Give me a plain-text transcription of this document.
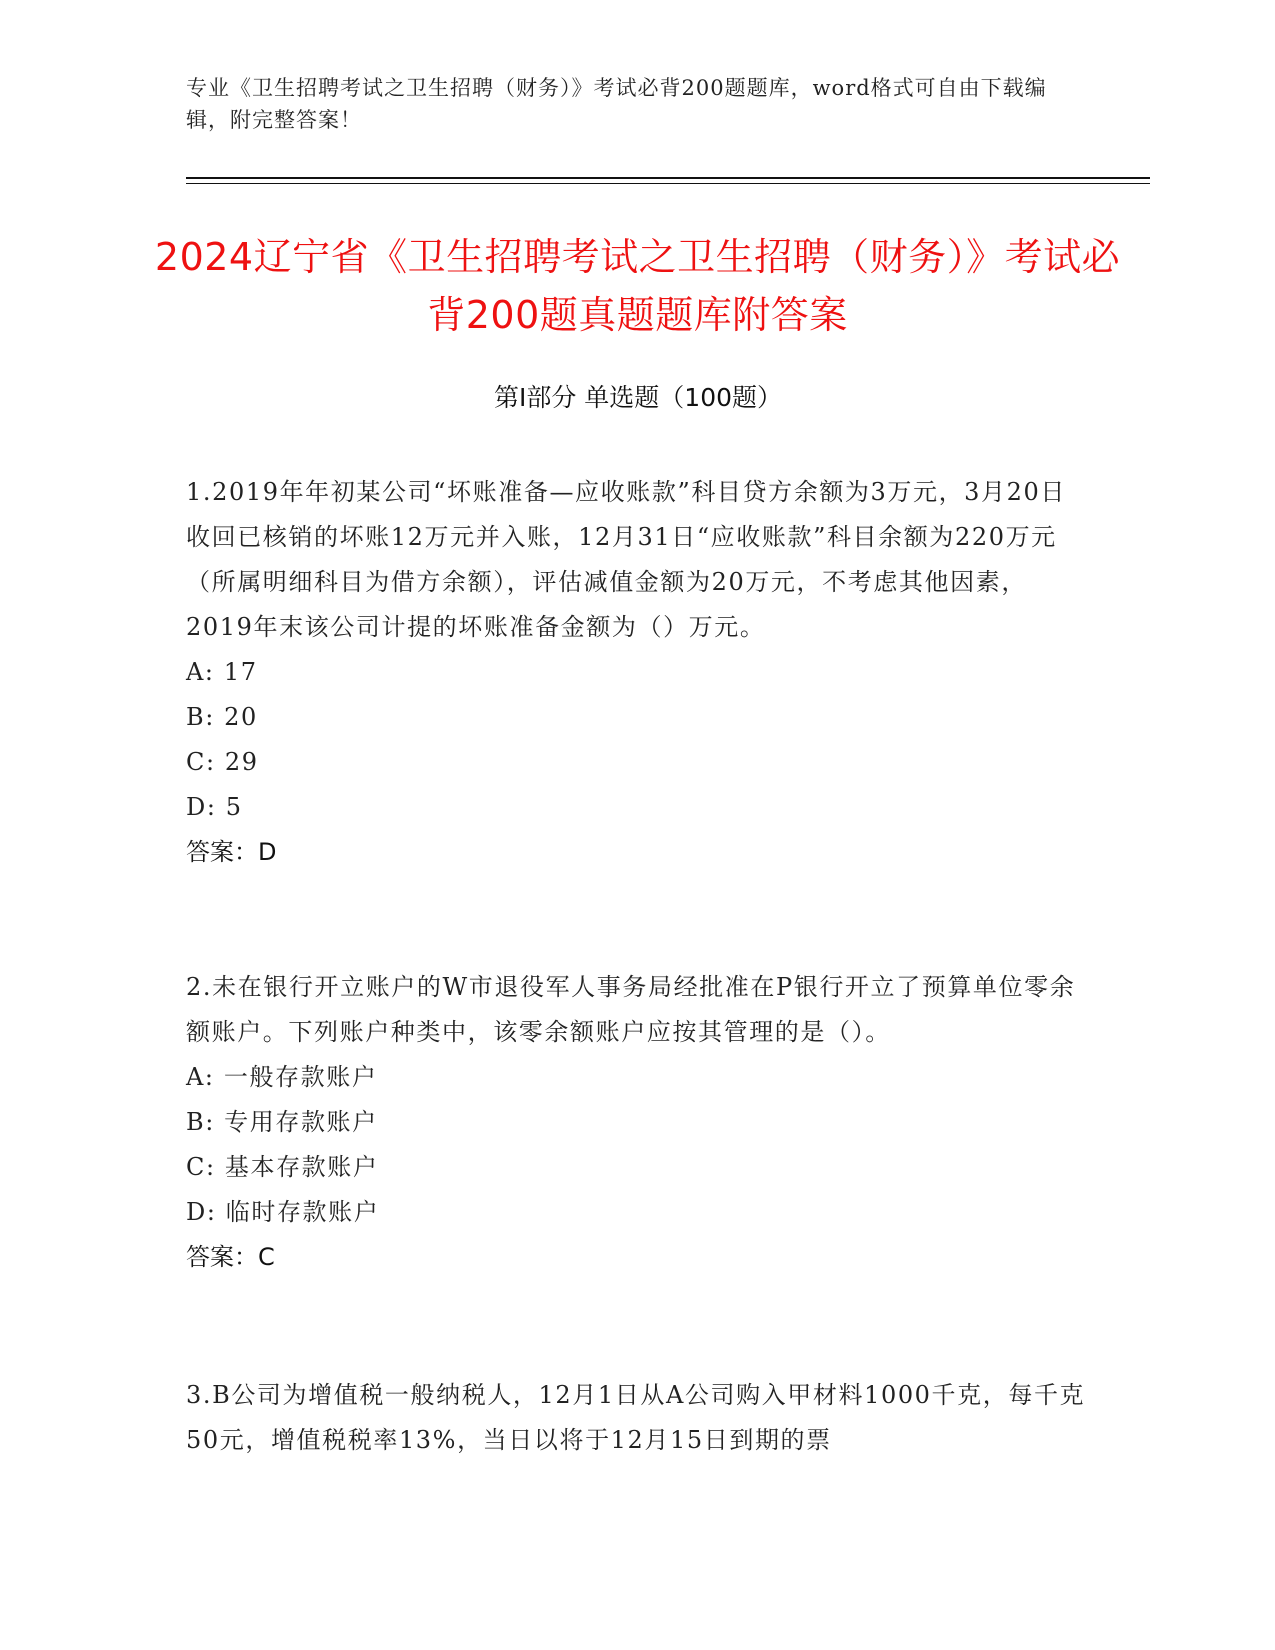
专业《卫生招聘考试之卫生招聘（财务）》考试必背200题题库，word格式可自由下载编辑，附完整答案！
2024辽宁省《卫生招聘考试之卫生招聘（财务）》考试必背200题真题题库附答案
第Ⅰ部分 单选题（100题）
1.2019年年初某公司“坏账准备—应收账款”科目贷方余额为3万元，3月20日收回已核销的坏账12万元并入账，12月31日“应收账款”科目余额为220万元（所属明细科目为借方余额），评估减值金额为20万元，不考虑其他因素，2019年末该公司计提的坏账准备金额为（）万元。
A: 17
B: 20
C: 29
D: 5
答案：D
2.未在银行开立账户的W市退役军人事务局经批准在P银行开立了预算单位零余额账户。下列账户种类中，该零余额账户应按其管理的是（）。
A: 一般存款账户
B: 专用存款账户
C: 基本存款账户
D: 临时存款账户
答案：C
3.B公司为增值税一般纳税人，12月1日从A公司购入甲材料1000千克，每千克50元，增值税税率13%，当日以将于12月15日到期的票
